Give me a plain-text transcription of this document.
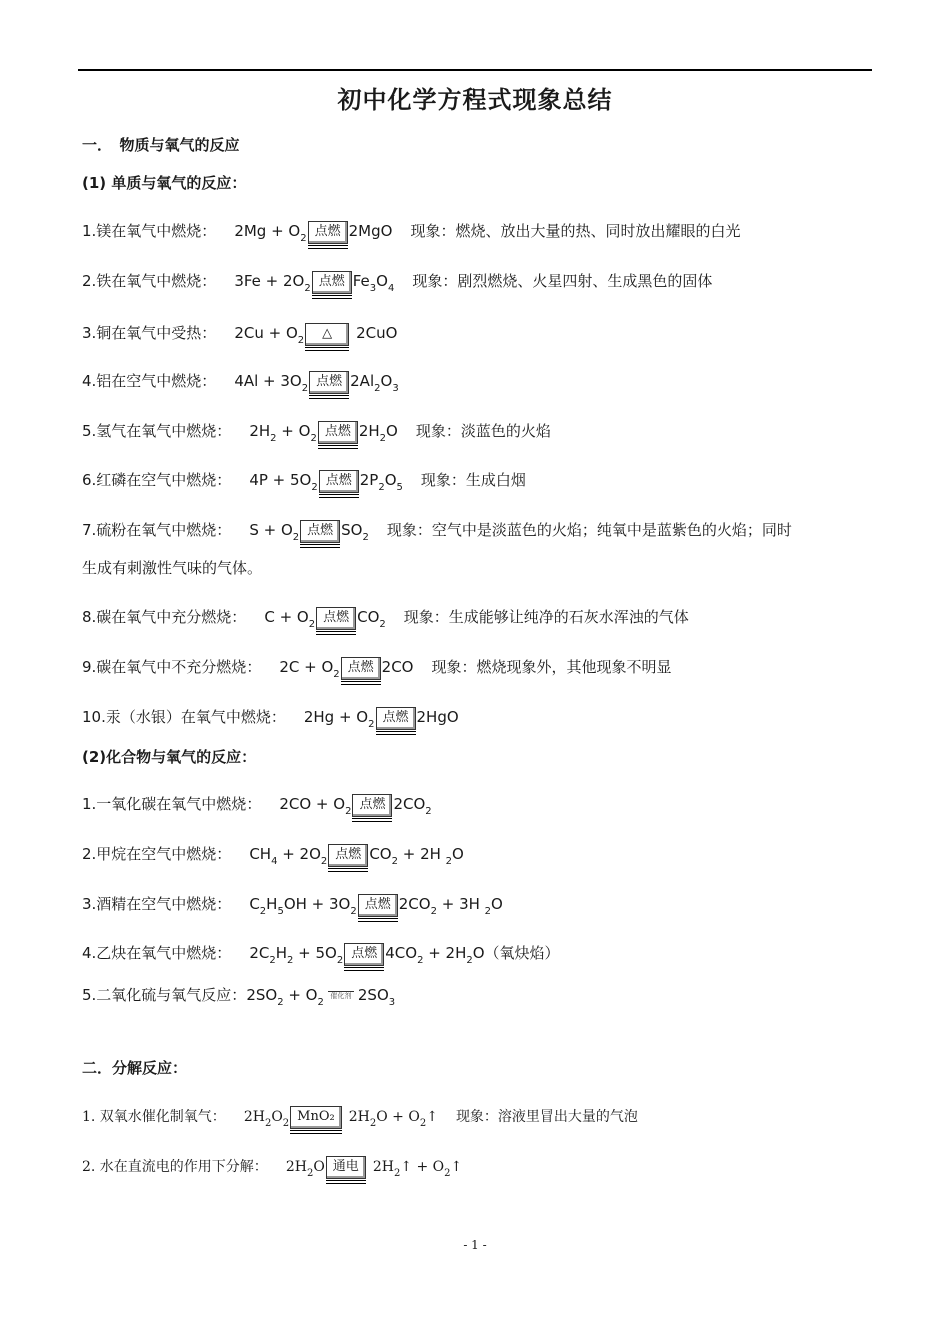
初中化学方程式现象总结
一．　物质与氧气的反应
(1) 单质与氧气的反应：
1.镁在氧气中燃烧： $2Mg + O_2$ 点燃 2MgO 现象：燃烧、放出大量的热、同时放出耀眼的白光
2.铁在氧气中燃烧： $3Fe + 2O_2$ 点燃 $Fe_3O_4$ 现象：剧烈燃烧、火星四射、生成黑色的固体
3.铜在氧气中受热： $2Cu + O_2$	△	2CuO
4.铝在空气中燃烧： $4Al + 3O_2$ 点燃 $2Al_2O_3$
5.氢气在氧气中燃烧： $2H_2 + O_2$ 点燃 $2H_2O$ 现象：淡蓝色的火焰
6.红磷在空气中燃烧： $4P + 5O_2$ 点燃 $2P_2O_5$ 现象：生成白烟
7.硫粉在氧气中燃烧： $S + O_2$ 点燃 $SO_2$ 现象：空气中是淡蓝色的火焰；纯氧中是蓝紫色的火焰；同时
生成有刺激性气味的气体。
8.碳在氧气中充分燃烧： $C + O_2$ 点燃 $CO_2$ 现象：生成能够让纯净的石灰水浑浊的气体
9.碳在氧气中不充分燃烧： $2C + O_2$ 点燃 2CO 现象：燃烧现象外，其他现象不明显
10.汞（水银）在氧气中燃烧： $2Hg + O_2$ 点燃 2HgO
(2)化合物与氧气的反应：
1.一氧化碳在氧气中燃烧： $2CO + O_2$ 点燃 $2CO_2$
2.甲烷在空气中燃烧： $CH_4 + 2O_2$ 点燃 $CO_2 + 2H$ $_2$O
3.酒精在空气中燃烧： $C_2H_5OH + 3O_2$ 点燃 $2CO_2 + 3H$ $_2$O
4.乙炔在氧气中燃烧： $2C_2H_2 + 5O_2$ 点燃 $4CO_2 + 2H_2O$（氧炔焰）
5.二氧化硫与氧气反应：$2SO_2 + O_2$催化剂 $2SO_3$
二．分解反应：
1. 双氧水催化制氧气： $2H_2O_2$ MnO₂	$2H_2O$ + $O_2↑$ 现象：溶液里冒出大量的气泡
2. 水在直流电的作用下分解： $2H_2O$ 通电	$2H_2↑$ + $O_2↑$
- 1 -
